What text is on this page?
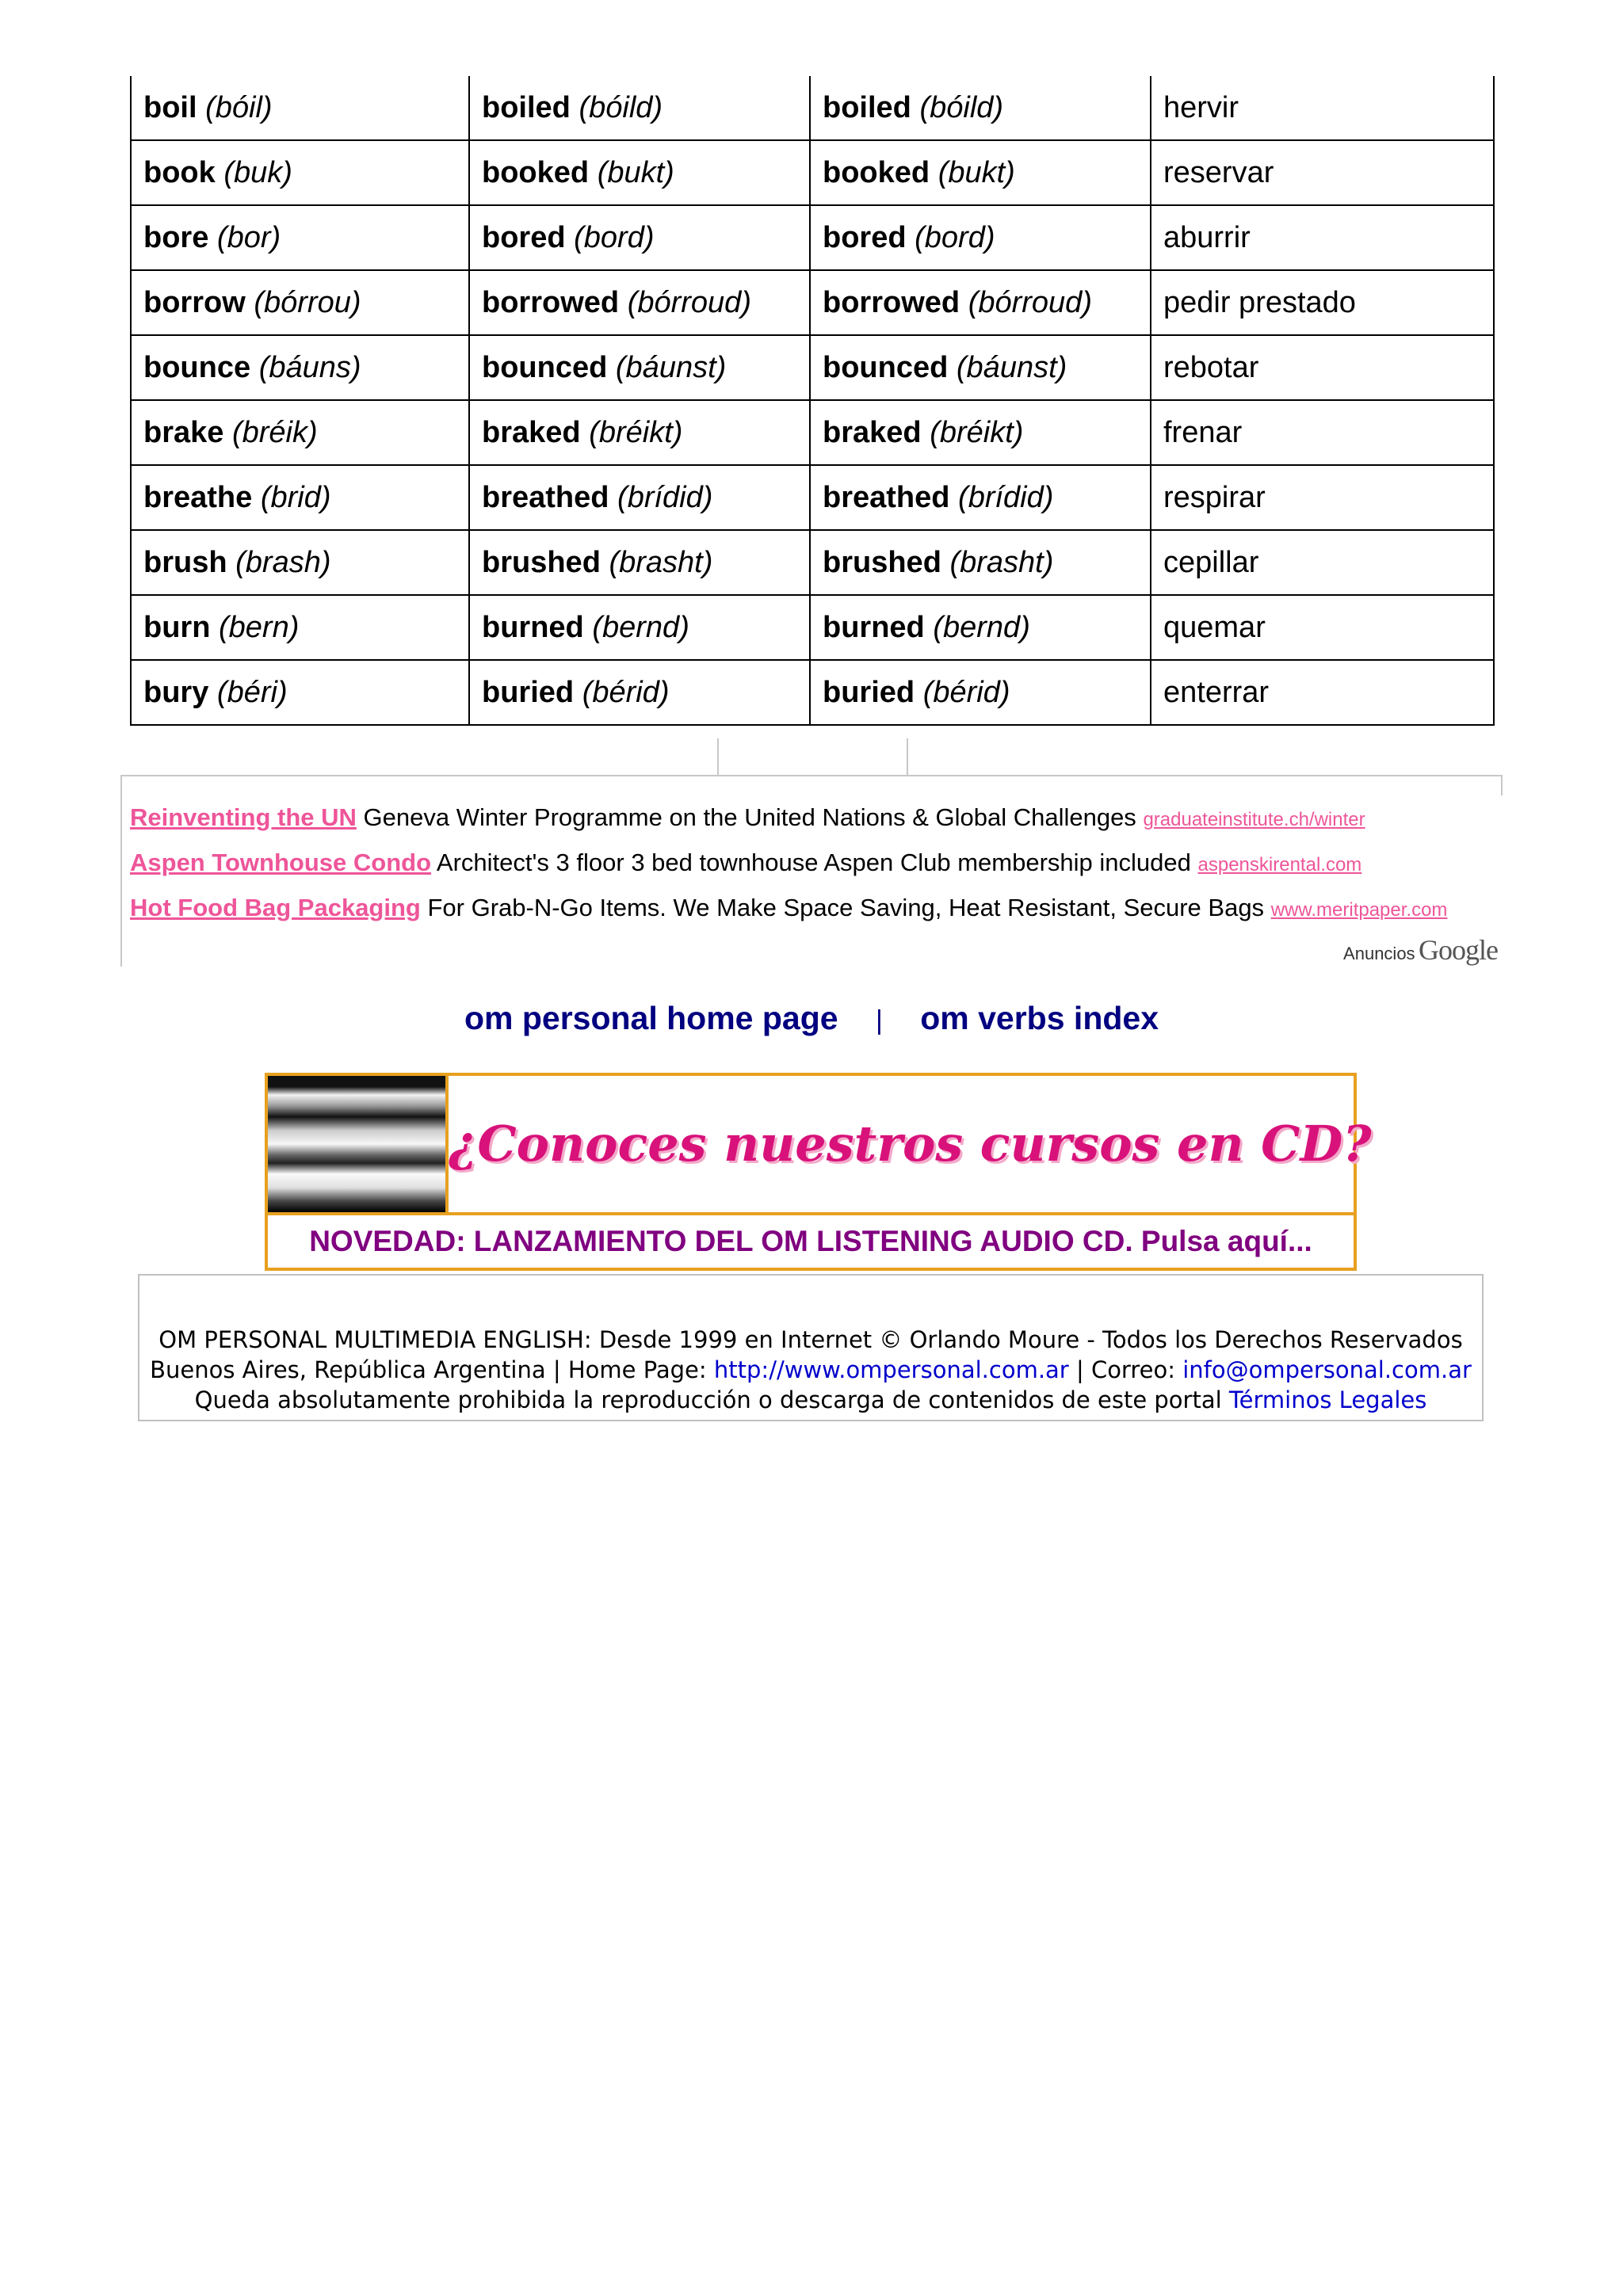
boil (bóil)	boiled (bóild)	boiled (bóild)	hervir
book (buk)	booked (bukt)	booked (bukt)	reservar
bore (bor)	bored (bord)	bored (bord)	aburrir
borrow (bórrou)	borrowed (bórroud)	borrowed (bórroud)	pedir prestado
bounce (báuns)	bounced (báunst)	bounced (báunst)	rebotar
brake (bréik)	braked (bréikt)	braked (bréikt)	frenar
breathe (brid)	breathed (brídid)	breathed (brídid)	respirar
brush (brash)	brushed (brasht)	brushed (brasht)	cepillar
burn (bern)	burned (bernd)	burned (bernd)	quemar
bury (béri)	buried (bérid)	buried (bérid)	enterrar
Reinventing the UN Geneva Winter Programme on the United Nations & Global Challenges graduateinstitute.ch/winter
Aspen Townhouse Condo Architect's 3 floor 3 bed townhouse Aspen Club membership included aspenskirental.com
Hot Food Bag Packaging For Grab-N-Go Items. We Make Space Saving, Heat Resistant, Secure Bags www.meritpaper.com
Anuncios Google
om personal home page | om verbs index
¿Conoces nuestros cursos en CD?
NOVEDAD: LANZAMIENTO DEL OM LISTENING AUDIO CD. Pulsa aquí...
OM PERSONAL MULTIMEDIA ENGLISH: Desde 1999 en Internet © Orlando Moure - Todos los Derechos Reservados
Buenos Aires, República Argentina | Home Page: http://www.ompersonal.com.ar | Correo: info@ompersonal.com.ar
Queda absolutamente prohibida la reproducción o descarga de contenidos de este portal Términos Legales
